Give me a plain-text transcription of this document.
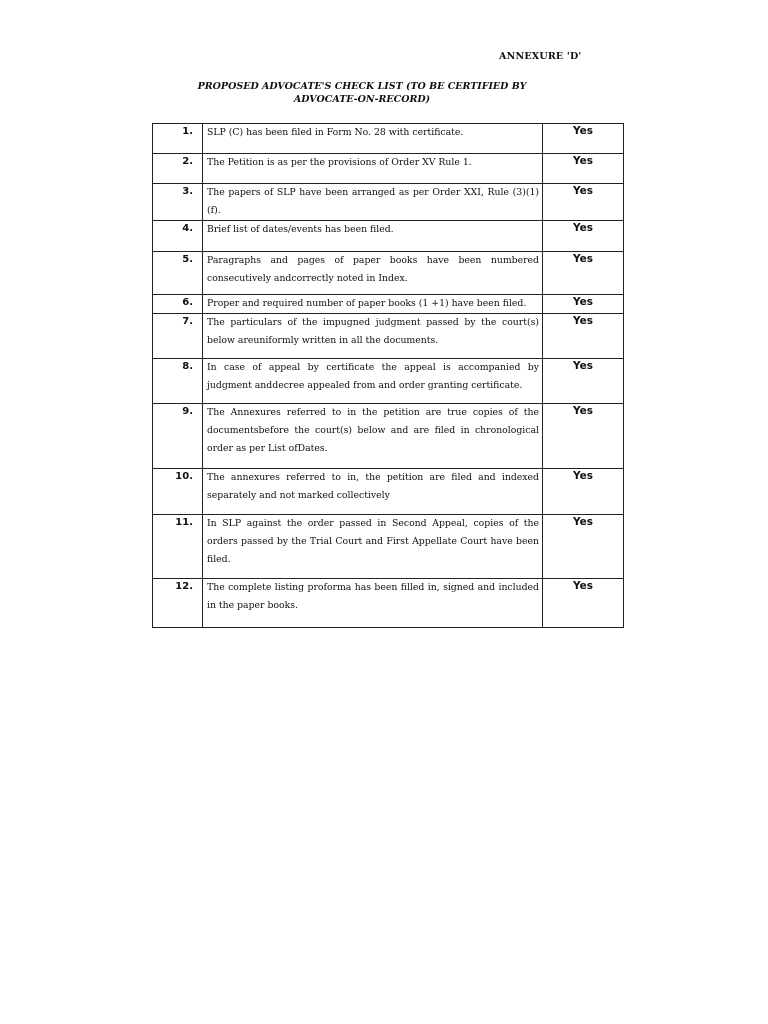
ANNEXURE 'D'
PROPOSED ADVOCATE'S CHECK LIST (TO BE CERTIFIED BY
ADVOCATE-ON-RECORD)
1.	SLP (C) has been filed in Form No. 28 with certificate.	Yes
2.	The Petition is as per the provisions of Order XV Rule 1.	Yes
3.	The papers of SLP have been arranged as per Order XXI, Rule (3)(1)(f).	Yes
4.	Brief list of dates/events has been filed.	Yes
5.	Paragraphs and pages of paper books have been numbered consecutively andcorrectly noted in Index.	Yes
6.	Proper and required number of paper books (1 +1) have been filed.	Yes
7.	The particulars of the impugned judgment passed by the court(s) below areuniformly written in all the documents.	Yes
8.	In case of appeal by certificate the appeal is accompanied by judgment anddecree appealed from and order granting certificate.	Yes
9.	The Annexures referred to in the petition are true copies of the documentsbefore the court(s) below and are filed in chronological order as per List ofDates.	Yes
10.	The annexures referred to in, the petition are filed and indexed separately and not marked collectively	Yes
11.	In SLP against the order passed in Second Appeal, copies of the orders passed by the Trial Court and First Appellate Court have been filed.	Yes
12.	The complete listing proforma has been filled in, signed and included in the paper books.	Yes
